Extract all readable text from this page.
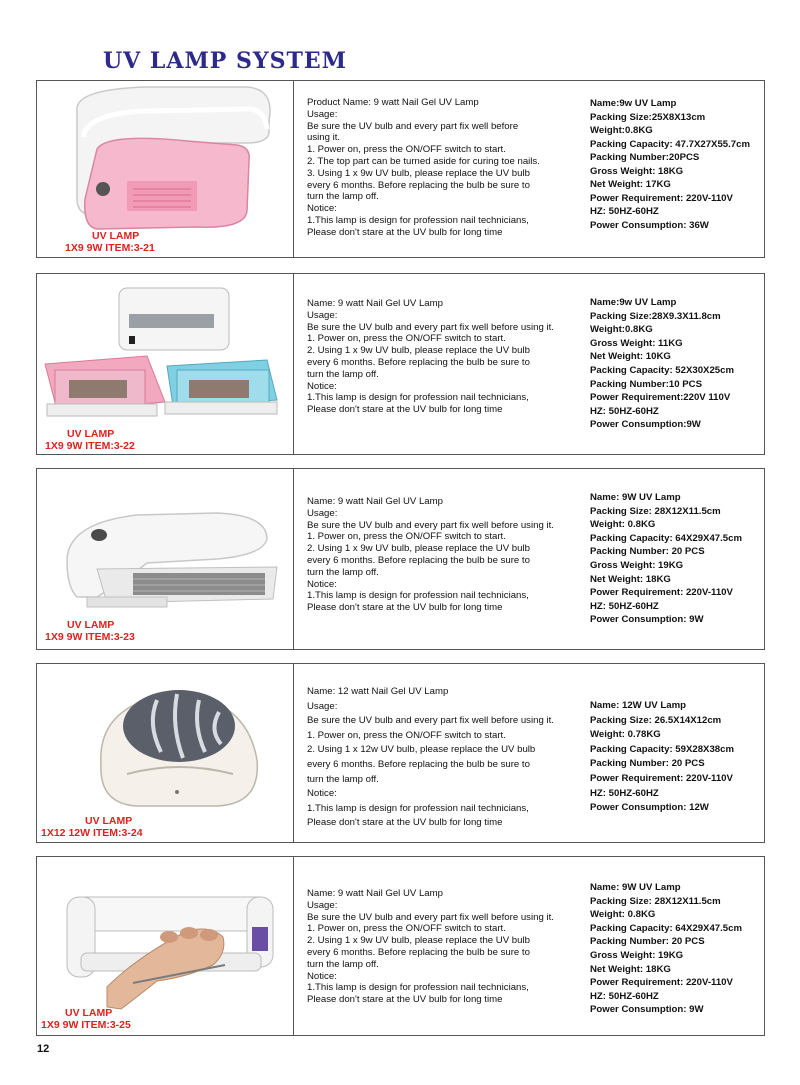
UV LAMP SYSTEM
UV LAMP
1X9 9W ITEM:3-21
Product Name: 9 watt Nail Gel UV Lamp
Usage:
Be sure the UV bulb and every part fix well before
using it.
1. Power on, press the ON/OFF switch to start.
2. The top part can be turned aside for curing toe nails.
3. Using 1 x 9w UV bulb, please replace the UV bulb
every 6 months. Before replacing the bulb be sure to
turn the lamp off.
Notice:
1.This lamp is design for profession nail technicians,
Please don't stare at the UV bulb for long time
Name:9w UV Lamp
Packing Size:25X8X13cm
Weight:0.8KG
Packing Capacity: 47.7X27X55.7cm
Packing Number:20PCS
Gross Weight: 18KG
Net Weight: 17KG
Power Requirement: 220V-110V
HZ: 50HZ-60HZ
Power Consumption: 36W
UV LAMP
1X9 9W ITEM:3-22
Name: 9 watt Nail Gel UV Lamp
Usage:
Be sure the UV bulb and every part fix well before using it.
1. Power on, press the ON/OFF switch to start.
2. Using 1 x 9w UV bulb, please replace the UV bulb
every 6 months. Before replacing the bulb be sure to
turn the lamp off.
Notice:
1.This lamp is design for profession nail technicians,
Please don't stare at the UV bulb for long time
Name:9w UV Lamp
Packing Size:28X9.3X11.8cm
Weight:0.8KG
Gross Weight: 11KG
Net Weight: 10KG
Packing Capacity: 52X30X25cm
Packing Number:10 PCS
Power Requirement:220V 110V
HZ: 50HZ-60HZ
Power Consumption:9W
UV LAMP
1X9 9W ITEM:3-23
Name: 9 watt Nail Gel UV Lamp
Usage:
Be sure the UV bulb and every part fix well before using it.
1. Power on, press the ON/OFF switch to start.
2. Using 1 x 9w UV bulb, please replace the UV bulb
every 6 months. Before replacing the bulb be sure to
turn the lamp off.
Notice:
1.This lamp is design for profession nail technicians,
Please don't stare at the UV bulb for long time
Name: 9W UV Lamp
Packing Size: 28X12X11.5cm
Weight: 0.8KG
Packing Capacity: 64X29X47.5cm
Packing Number: 20 PCS
Gross Weight: 19KG
Net Weight: 18KG
Power Requirement: 220V-110V
HZ: 50HZ-60HZ
Power Consumption: 9W
UV LAMP
1X12 12W ITEM:3-24
Name: 12 watt Nail Gel UV Lamp
Usage:
Be sure the UV bulb and every part fix well before using it.
1. Power on, press the ON/OFF switch to start.
2. Using 1 x 12w UV bulb, please replace the UV bulb
every 6 months. Before replacing the bulb be sure to
turn the lamp off.
Notice:
1.This lamp is design for profession nail technicians,
Please don't stare at the UV bulb for long time
Name: 12W UV Lamp
Packing Size: 26.5X14X12cm
Weight: 0.78KG
Packing Capacity: 59X28X38cm
Packing Number: 20 PCS
Power Requirement: 220V-110V
HZ: 50HZ-60HZ
Power Consumption: 12W
UV LAMP
1X9 9W ITEM:3-25
Name: 9 watt Nail Gel UV Lamp
Usage:
Be sure the UV bulb and every part fix well before using it.
1. Power on, press the ON/OFF switch to start.
2. Using 1 x 9w UV bulb, please replace the UV bulb
every 6 months. Before replacing the bulb be sure to
turn the lamp off.
Notice:
1.This lamp is design for profession nail technicians,
Please don't stare at the UV bulb for long time
Name: 9W UV Lamp
Packing Size: 28X12X11.5cm
Weight: 0.8KG
Packing Capacity: 64X29X47.5cm
Packing Number: 20 PCS
Gross Weight: 19KG
Net Weight: 18KG
Power Requirement: 220V-110V
HZ: 50HZ-60HZ
Power Consumption: 9W
12
